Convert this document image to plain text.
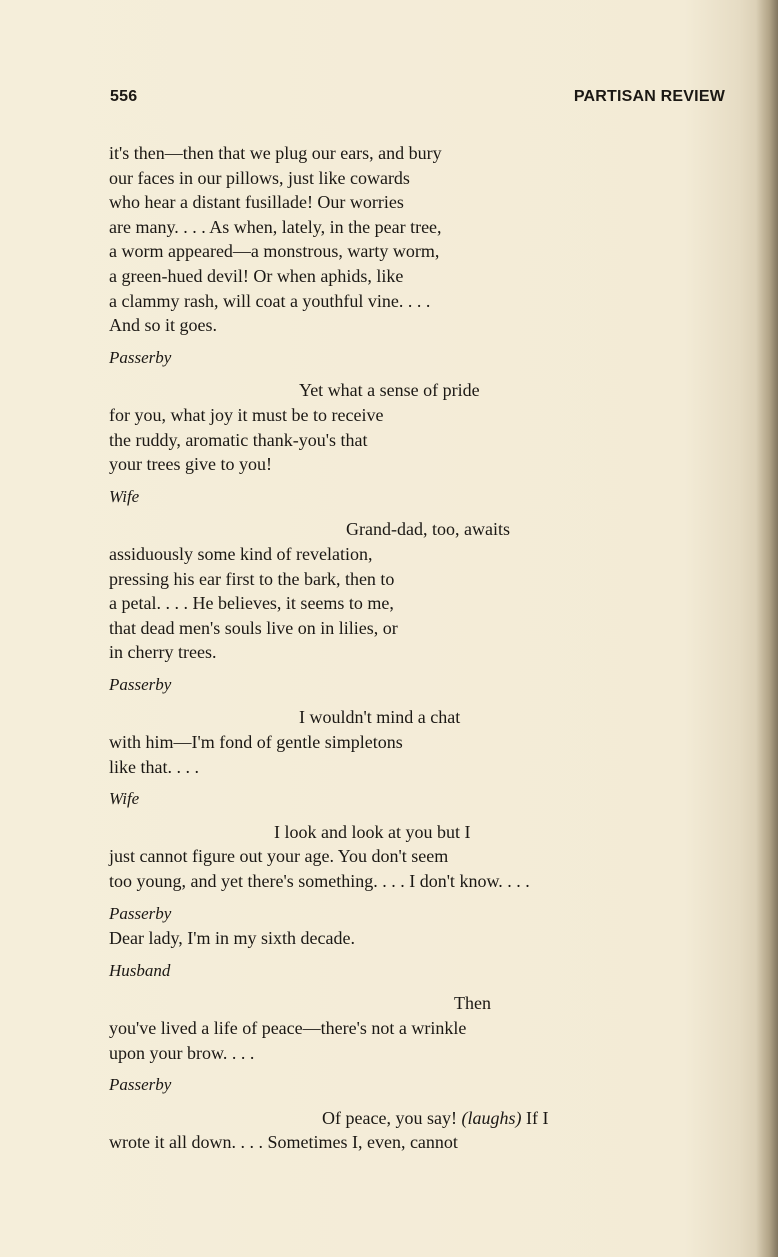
556	PARTISAN REVIEW
it's then—then that we plug our ears, and bury
our faces in our pillows, just like cowards
who hear a distant fusillade! Our worries
are many. . . . As when, lately, in the pear tree,
a worm appeared—a monstrous, warty worm,
a green-hued devil! Or when aphids, like
a clammy rash, will coat a youthful vine. . . .
And so it goes.
Passerby
Yet what a sense of pride
for you, what joy it must be to receive
the ruddy, aromatic thank-you's that
your trees give to you!
Wife
Grand-dad, too, awaits
assiduously some kind of revelation,
pressing his ear first to the bark, then to
a petal. . . . He believes, it seems to me,
that dead men's souls live on in lilies, or
in cherry trees.
Passerby
I wouldn't mind a chat
with him—I'm fond of gentle simpletons
like that. . . .
Wife
I look and look at you but I
just cannot figure out your age. You don't seem
too young, and yet there's something. . . . I don't know. . . .
Passerby
Dear lady, I'm in my sixth decade.
Husband
Then
you've lived a life of peace—there's not a wrinkle
upon your brow. . . .
Passerby
Of peace, you say! (laughs) If I
wrote it all down. . . . Sometimes I, even, cannot
